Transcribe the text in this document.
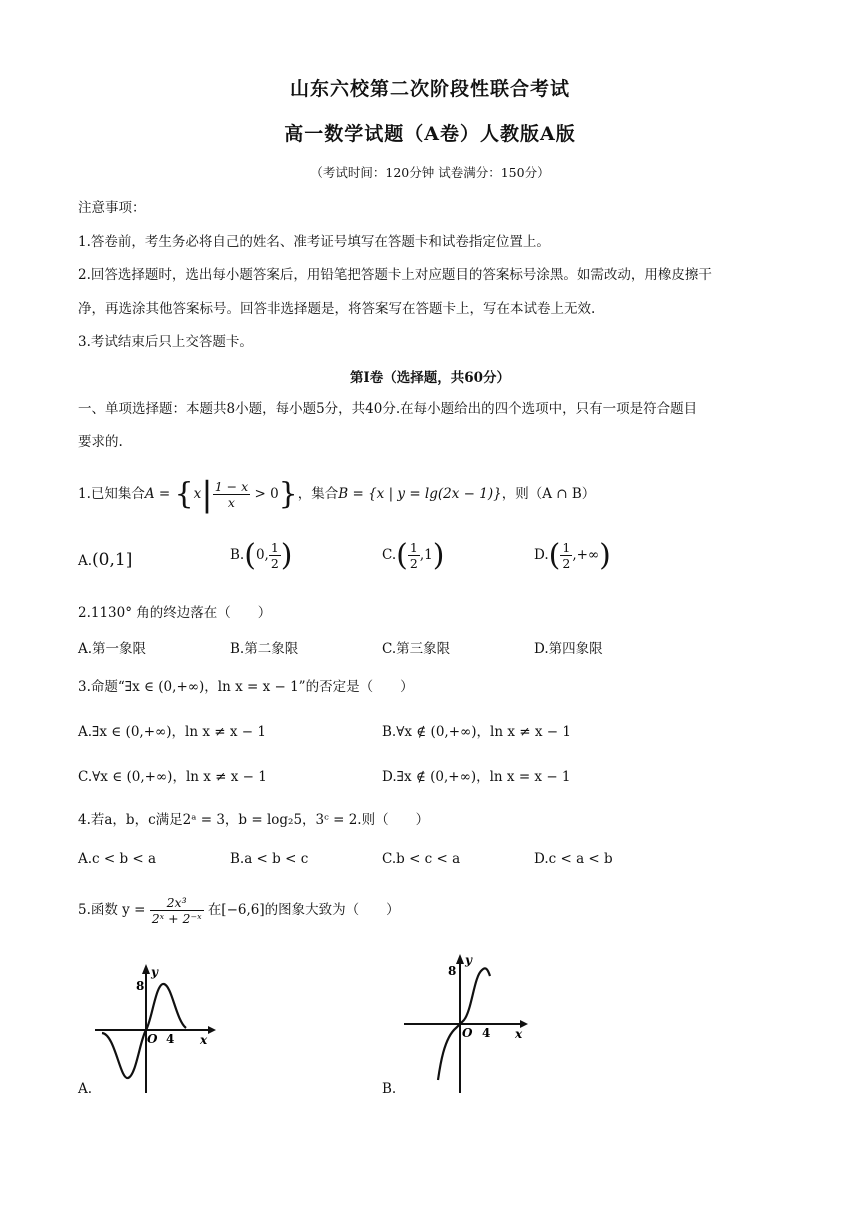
山东六校第二次阶段性联合考试
高一数学试题（A卷）人教版A版
（考试时间：120分钟 试卷满分：150分）
注意事项：
1.答卷前，考生务必将自己的姓名、准考证号填写在答题卡和试卷指定位置上。
2.回答选择题时，选出每小题答案后，用铅笔把答题卡上对应题目的答案标号涂黑。如需改动，用橡皮擦干
净，再选涂其他答案标号。回答非选择题是，将答案写在答题卡上，写在本试卷上无效.
3.考试结束后只上交答题卡。
第Ⅰ卷（选择题，共60分）
一、单项选择题：本题共8小题，每小题5分，共40分.在每小题给出的四个选项中，只有一项是符合题目
要求的.
1.已知集合$A = \{x| \frac{1 - x}{x} > 0\}$，集合B = {x | y = lg(2x − 1)}，则（A ∩ B）
A.(0,1]	B.(0, $\frac{1}{2}$ )	$C.( \frac{1}{2} ,1)$	$D.( \frac{1}{2}$ ,+∞)
2.1130° 角的终边落在（　　）
A.第一象限	B.第二象限	C.第三象限	D.第四象限
3.命题“∃x ∈ (0,+∞)，ln x = x − 1”的否定是（　　）
A.∃x ∈ (0,+∞)，ln x ≠ x − 1	B.∀x ∉ (0,+∞)，ln x ≠ x − 1
C.∀x ∈ (0,+∞)，ln x ≠ x − 1	D.∃x ∉ (0,+∞)，ln x = x − 1
4.若a，b，c满足2ᵃ = 3，b = log₂5，3ᶜ = 2.则（　　）
A.c < b < a	B.a < b < c	C.b < c < a	D.c < a < b
5.函数 $y = \frac{\text{2x³}}{\text{2ˣ + 2⁻ˣ}}$ 在[−6,6]的图象大致为（　　）
y
8
O 4 x
A.
y
8
O 4 x
B.
